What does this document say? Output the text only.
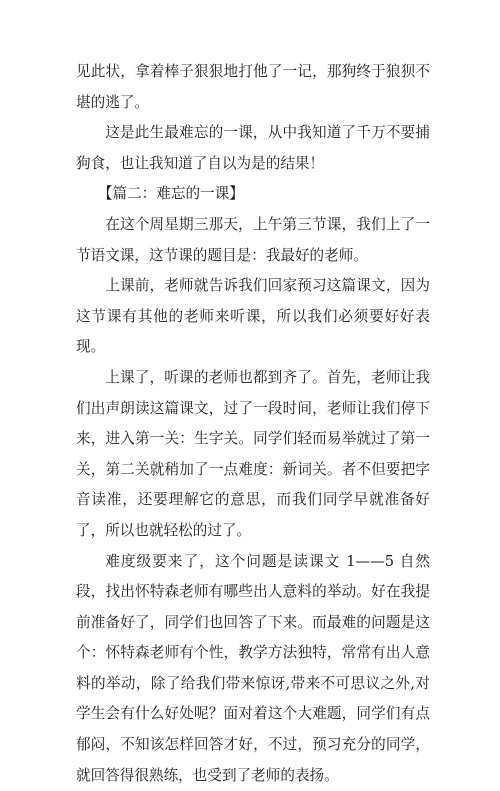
见此状，拿着棒子狠狠地打他了一记，那狗终于狼狈不堪的逃了。

这是此生最难忘的一课，从中我知道了千万不要捕狗食，也让我知道了自以为是的结果！

【篇二：难忘的一课】

在这个周星期三那天，上午第三节课，我们上了一节语文课，这节课的题目是：我最好的老师。

上课前，老师就告诉我们回家预习这篇课文，因为这节课有其他的老师来听课，所以我们必须要好好表现。

上课了，听课的老师也都到齐了。首先，老师让我们出声朗读这篇课文，过了一段时间，老师让我们停下来，进入第一关：生字关。同学们轻而易举就过了第一关，第二关就稍加了一点难度：新词关。者不但要把字音读准，还要理解它的意思，而我们同学早就准备好了，所以也就轻松的过了。

难度级要来了，这个问题是读课文 1——5 自然段，找出怀特森老师有哪些出人意料的举动。好在我提前准备好了，同学们也回答了下来。而最难的问题是这个：怀特森老师有个性，教学方法独特，常常有出人意料的举动，除了给我们带来惊讶,带来不可思议之外,对学生会有什么好处呢？面对着这个大难题，同学们有点郁闷，不知该怎样回答才好，不过，预习充分的同学，就回答得很熟练，也受到了老师的表扬。
